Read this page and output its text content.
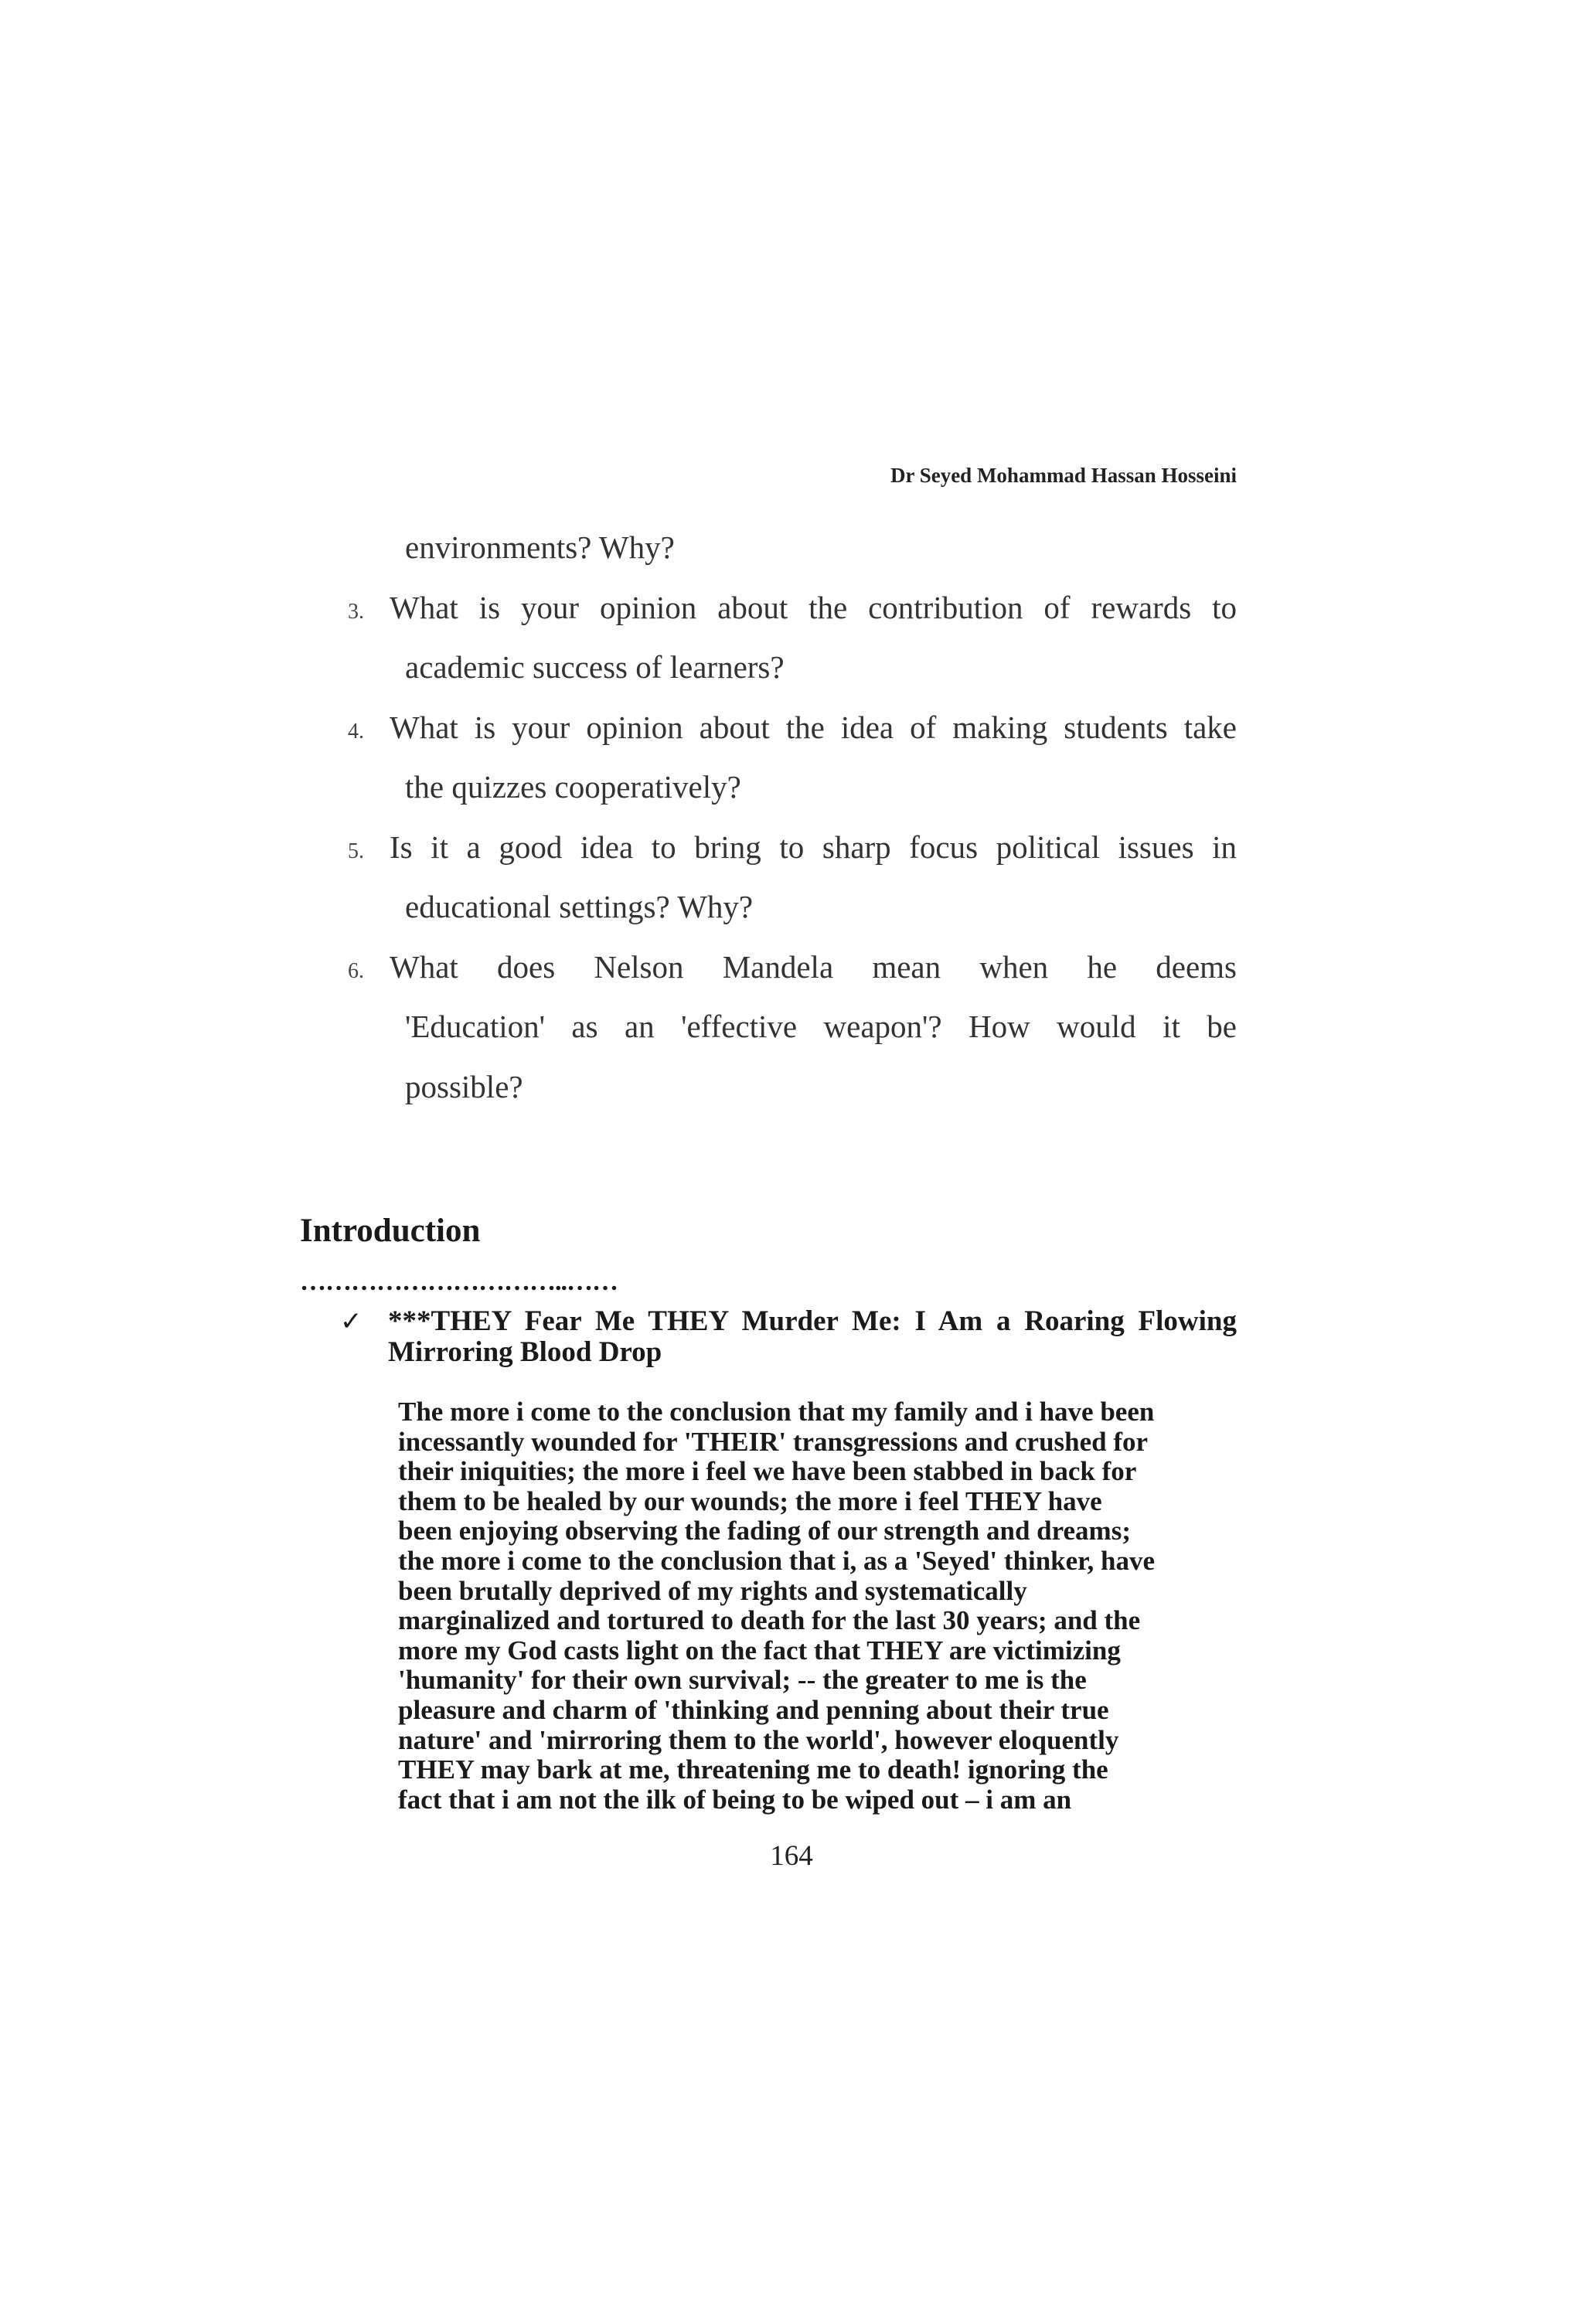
Dr Seyed Mohammad Hassan Hosseini
environments? Why?
3. What is your opinion about the contribution of rewards to
academic success of learners?
4. What is your opinion about the idea of making students take
the quizzes cooperatively?
5. Is it a good idea to bring to sharp focus political issues in
educational settings? Why?
6. What does Nelson Mandela mean when he deems
'Education' as an 'effective weapon'? How would it be
possible?
Introduction
…………………………..……
✓ ***THEY Fear Me THEY Murder Me: I Am a Roaring Flowing
Mirroring Blood Drop
The more i come to the conclusion that my family and i have been
incessantly wounded for 'THEIR' transgressions and crushed for
their iniquities; the more i feel we have been stabbed in back for
them to be healed by our wounds; the more i feel THEY have
been enjoying observing the fading of our strength and dreams;
the more i come to the conclusion that i, as a 'Seyed' thinker, have
been brutally deprived of my rights and systematically
marginalized and tortured to death for the last 30 years; and the
more my God casts light on the fact that THEY are victimizing
'humanity' for their own survival; -- the greater to me is the
pleasure and charm of 'thinking and penning about their true
nature' and 'mirroring them to the world', however eloquently
THEY may bark at me, threatening me to death! ignoring the
fact that i am not the ilk of being to be wiped out – i am an
164
